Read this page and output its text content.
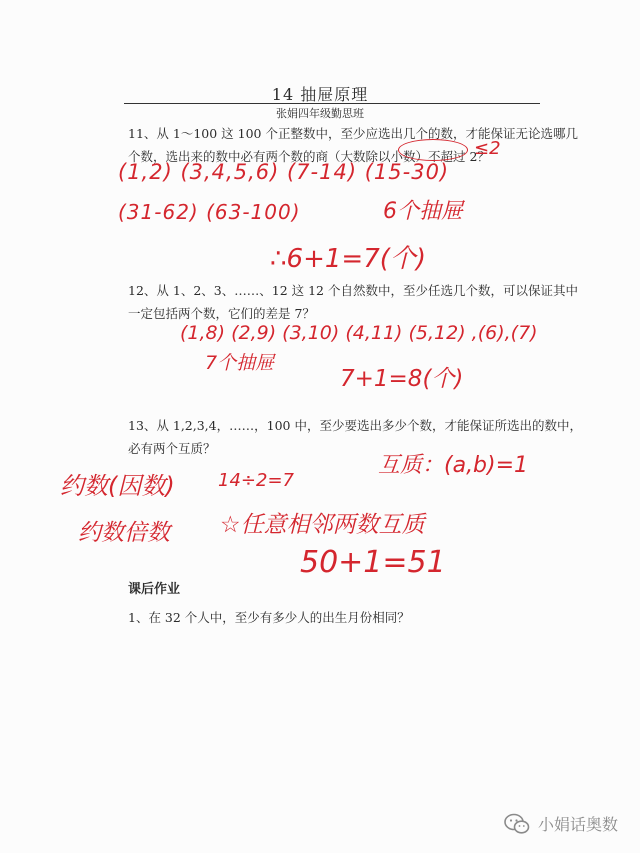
14 抽屉原理
张娟四年级勤思班
11、从 1～100 这 100 个正整数中，至少应选出几个的数，才能保证无论选哪几
个数，选出来的数中必有两个数的商（大数除以小数）不超过 2？
≤2
(1,2) (3,4,5,6) (7-14) (15-30)
(31-62) (63-100)	6个抽屉
∴6+1=7(个)
12、从 1、2、3、……、12 这 12 个自然数中，至少任选几个数，可以保证其中
一定包括两个数，它们的差是 7？
(1,8) (2,9) (3,10) (4,11) (5,12) ,(6),(7)
7个抽屉
7+1=8(个)
13、从 1,2,3,4，……，100 中，至少要选出多少个数，才能保证所选出的数中，
必有两个互质？
约数(因数) 14÷2=7
互质：(a,b)=1
约数倍数 ☆任意相邻两数互质
50+1=51
课后作业
1、在 32 个人中，至少有多少人的出生月份相同？
小娟话奥数
